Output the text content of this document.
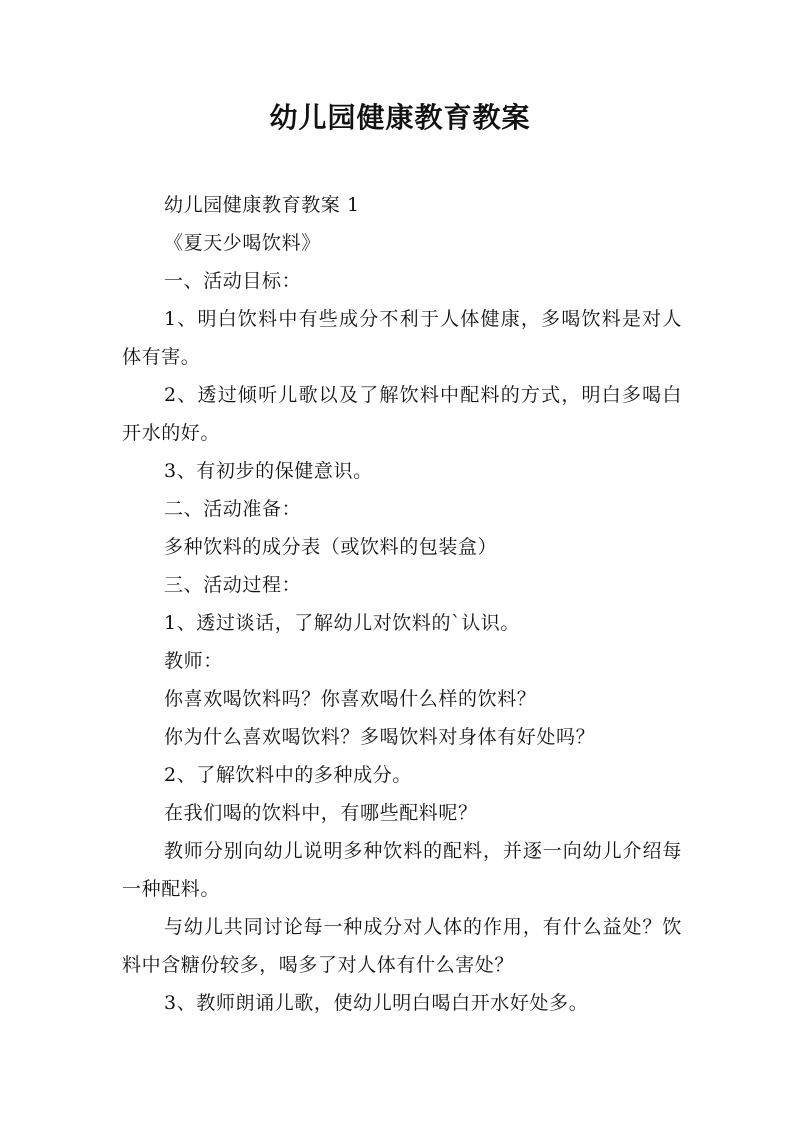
幼儿园健康教育教案

幼儿园健康教育教案 1

《夏天少喝饮料》

一、活动目标：

1、明白饮料中有些成分不利于人体健康，多喝饮料是对人体有害。

2、透过倾听儿歌以及了解饮料中配料的方式，明白多喝白开水的好。

3、有初步的保健意识。

二、活动准备：

多种饮料的成分表（或饮料的包装盒）

三、活动过程：

1、透过谈话，了解幼儿对饮料的`认识。

教师：

你喜欢喝饮料吗？你喜欢喝什么样的饮料？

你为什么喜欢喝饮料？多喝饮料对身体有好处吗？

2、了解饮料中的多种成分。

在我们喝的饮料中，有哪些配料呢？

教师分别向幼儿说明多种饮料的配料，并逐一向幼儿介绍每一种配料。

与幼儿共同讨论每一种成分对人体的作用，有什么益处？饮料中含糖份较多，喝多了对人体有什么害处？

3、教师朗诵儿歌，使幼儿明白喝白开水好处多。
